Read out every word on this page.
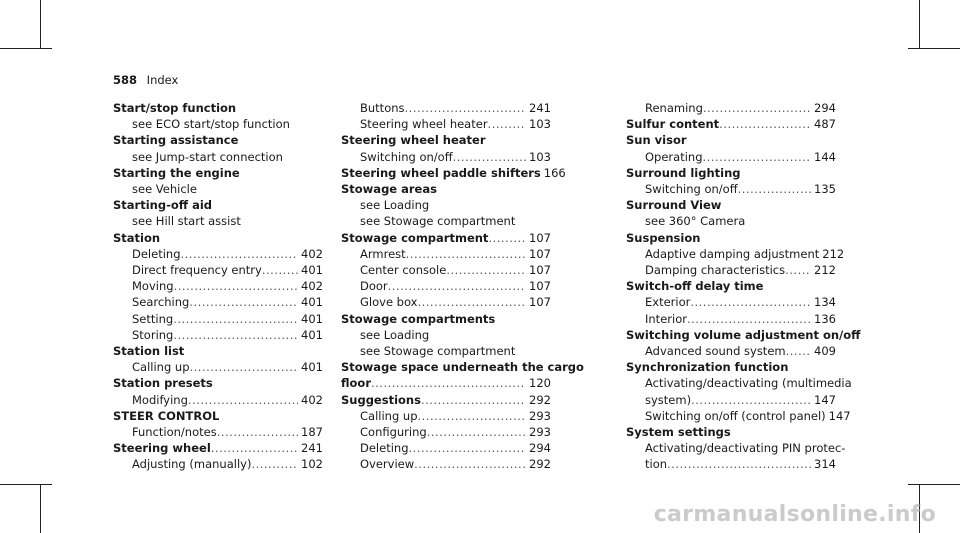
588 Index
Start/stop function
see ECO start/stop function
Starting assistance
see Jump-start connection
Starting the engine
see Vehicle
Starting-off aid
see Hill start assist
Station
Deleting .....	402
Direct frequency entry .....	401
Moving .....	402
Searching .....	401
Setting .....	401
Storing .....	401
Station list
Calling up .....	401
Station presets
Modifying .....	402
STEER CONTROL
Function/notes .....	187
Steering wheel .....	241
Adjusting (manually) .....	102
Buttons .....	241
Steering wheel heater .....	103
Steering wheel heater
Switching on/off .....	103
Steering wheel paddle shifters 166
Stowage areas
see Loading
see Stowage compartment
Stowage compartment .....	107
Armrest .....	107
Center console .....	107
Door .....	107
Glove box .....	107
Stowage compartments
see Loading
see Stowage compartment
Stowage space underneath the cargo
floor .....	120
Suggestions .....	292
Calling up .....	293
Configuring .....	293
Deleting .....	294
Overview .....	292
Renaming .....	294
Sulfur content .....	487
Sun visor
Operating .....	144
Surround lighting
Switching on/off .....	135
Surround View
see 360° Camera
Suspension
Adaptive damping adjustment 212
Damping characteristics .....	212
Switch-off delay time
Exterior .....	134
Interior .....	136
Switching volume adjustment on/off
Advanced sound system ..... 409
Synchronization function
Activating/deactivating (multimedia
system) .....	147
Switching on/off (control panel) 147
System settings
Activating/deactivating PIN protec-
tion .....	314
carmanualsonline.info
